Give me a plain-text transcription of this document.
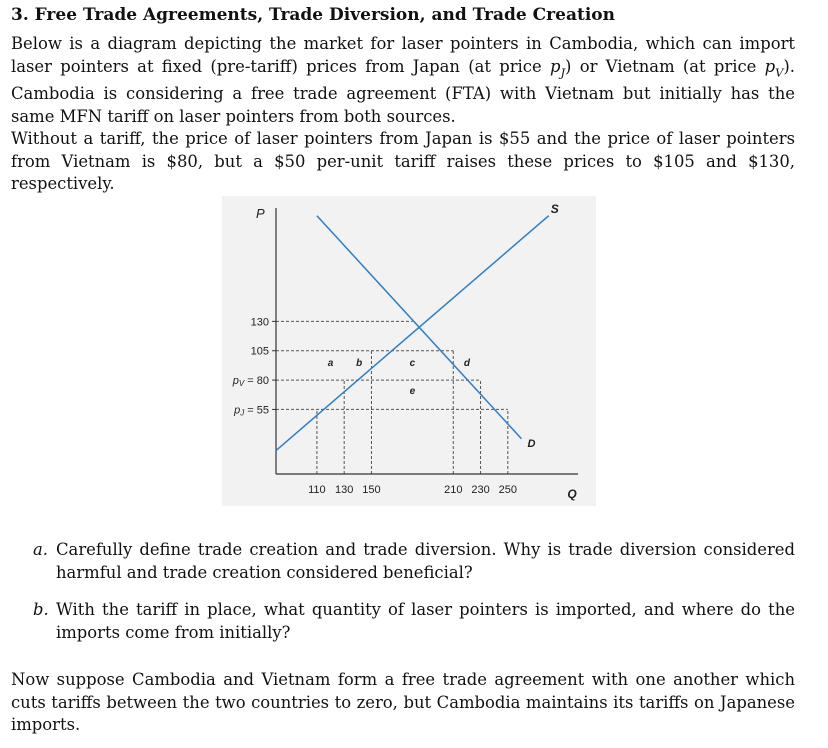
3. Free Trade Agreements, Trade Diversion, and Trade Creation
Below is a diagram depicting the market for laser pointers in Cambodia, which can import laser pointers at fixed (pre-tariff) prices from Japan (at price $p_J$) or Vietnam (at price $p_V$). Cambodia is considering a free trade agreement (FTA) with Vietnam but initially has the same MFN tariff on laser pointers from both sources.
Without a tariff, the price of laser pointers from Japan is $55 and the price of laser pointers from Vietnam is $80, but a $50 per-unit tariff raises these prices to $105 and $130, respectively.
130
105
pV = 80
pJ = 55
110 130 150	210 230 250
P
Q
S
D
a b	c	d
e
a. Carefully define trade creation and trade diversion. Why is trade diversion considered harmful and trade creation considered beneficial?
b. With the tariff in place, what quantity of laser pointers is imported, and where do the imports come from initially?
Now suppose Cambodia and Vietnam form a free trade agreement with one another which cuts tariffs between the two countries to zero, but Cambodia maintains its tariffs on Japanese imports.
